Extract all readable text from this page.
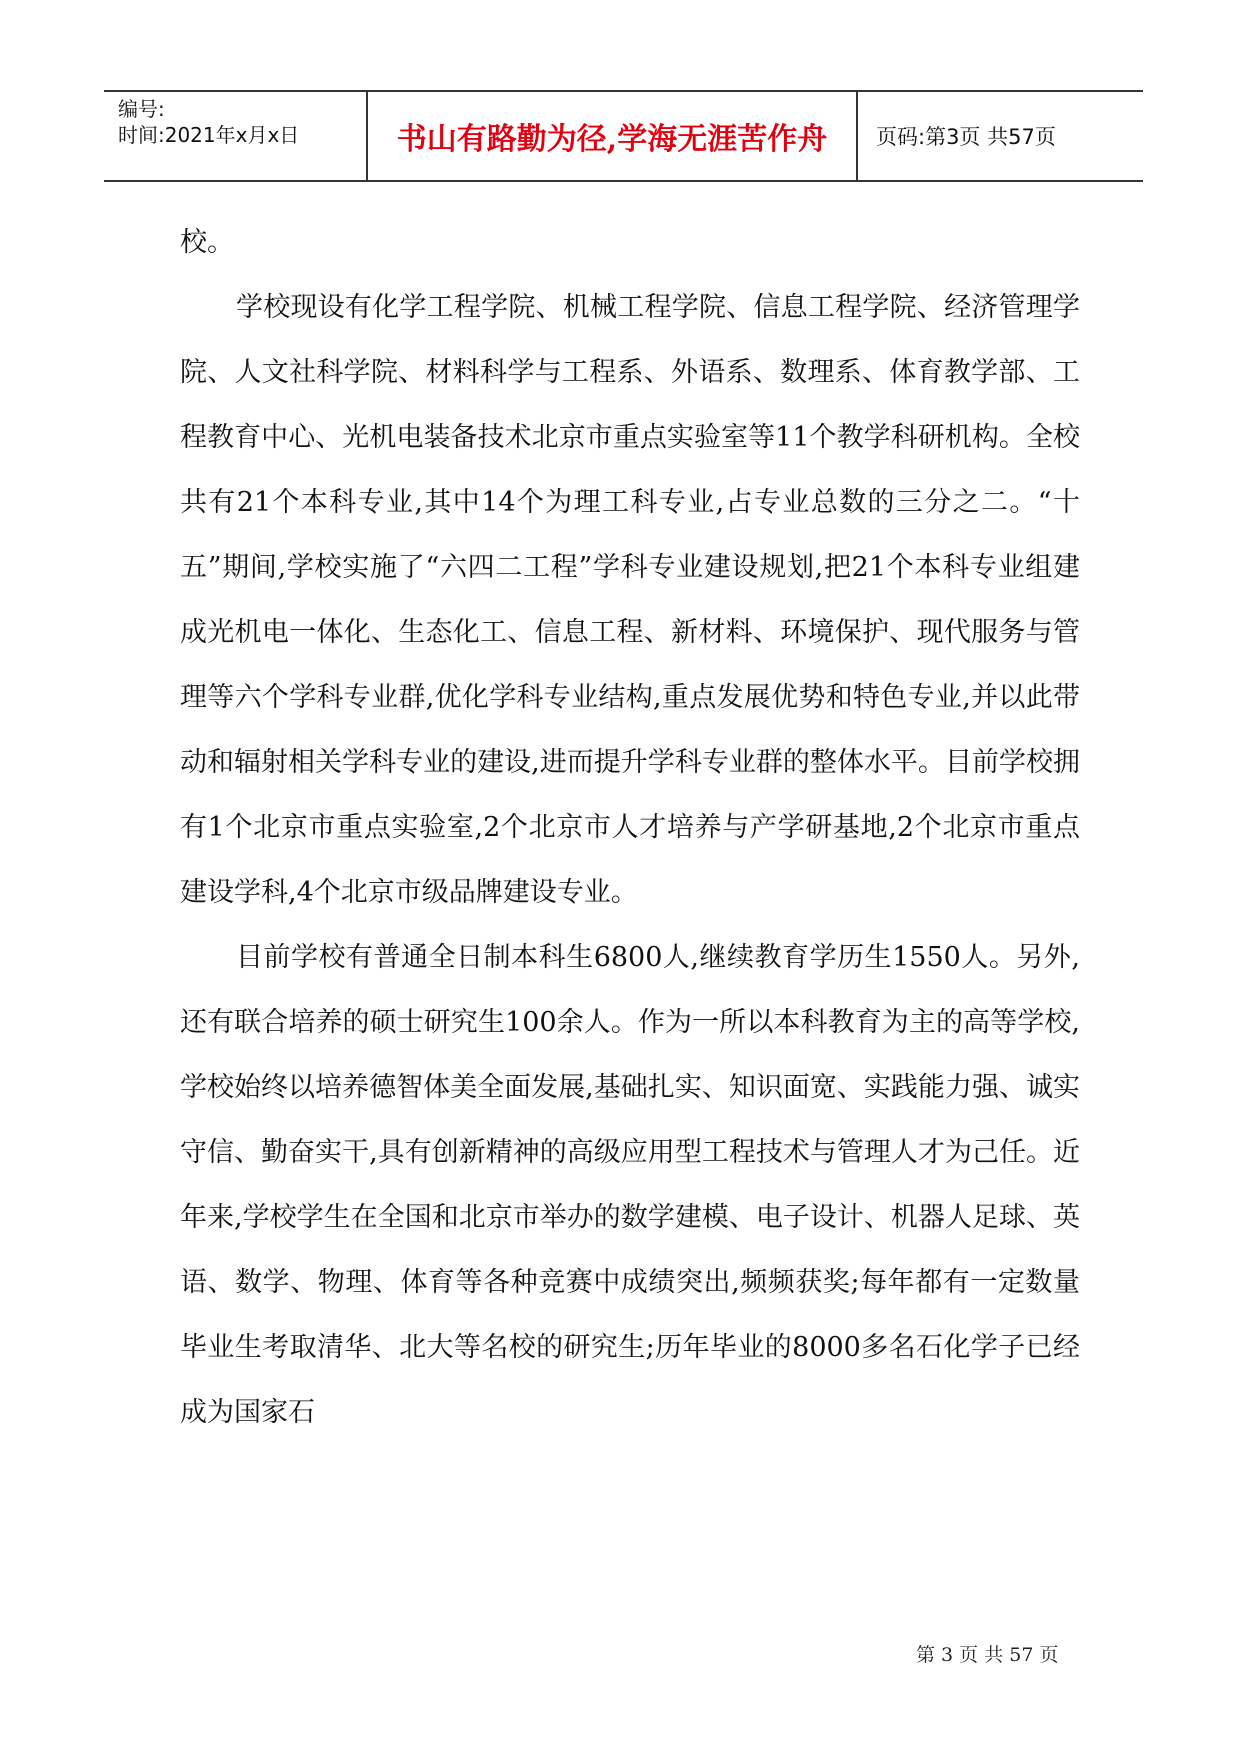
编号:
时间:2021年x月x日	书山有路勤为径,学海无涯苦作舟	页码:第3页 共57页

校。

学校现设有化学工程学院、机械工程学院、信息工程学院、经济管理学院、人文社科学院、材料科学与工程系、外语系、数理系、体育教学部、工程教育中心、光机电装备技术北京市重点实验室等11个教学科研机构。全校共有21个本科专业,其中14个为理工科专业,占专业总数的三分之二。“十五”期间,学校实施了“六四二工程”学科专业建设规划,把21个本科专业组建成光机电一体化、生态化工、信息工程、新材料、环境保护、现代服务与管理等六个学科专业群,优化学科专业结构,重点发展优势和特色专业,并以此带动和辐射相关学科专业的建设,进而提升学科专业群的整体水平。目前学校拥有1个北京市重点实验室,2个北京市人才培养与产学研基地,2个北京市重点建设学科,4个北京市级品牌建设专业。

目前学校有普通全日制本科生6800人,继续教育学历生1550人。另外,还有联合培养的硕士研究生100余人。作为一所以本科教育为主的高等学校,学校始终以培养德智体美全面发展,基础扎实、知识面宽、实践能力强、诚实守信、勤奋实干,具有创新精神的高级应用型工程技术与管理人才为己任。近年来,学校学生在全国和北京市举办的数学建模、电子设计、机器人足球、英语、数学、物理、体育等各种竞赛中成绩突出,频频获奖;每年都有一定数量毕业生考取清华、北大等名校的研究生;历年毕业的8000多名石化学子已经成为国家石

第 3 页 共 57 页
